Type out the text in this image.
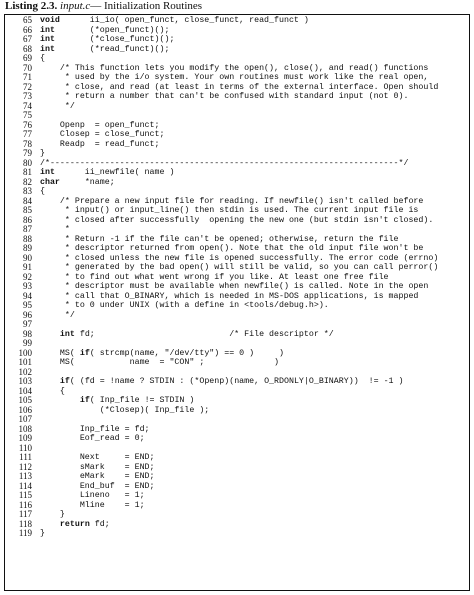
Listing 2.3. input.c— Initialization Routines
65 void      ii_io( open_funct, close_funct, read_funct )
66 int       (*open_funct)();
67 int       (*close_funct)();
68 int       (*read_funct)();
69 {
70 /* This function lets you modify the open(), close(), and read() functions
71 * used by the i/o system. Your own routines must work like the real open,
72 * close, and read (at least in terms of the external interface. Open should
73 * return a number that can't be confused with standard input (not 0).
74 */
75
76 Openp  = open_funct;
77 Closep = close_funct;
78 Readp  = read_funct;
79 }
80 /*----------------------------------------------------------------------*/
81 int      ii_newfile( name )
82 char     *name;
83 {
84 /* Prepare a new input file for reading. If newfile() isn't called before
85 * input() or input_line() then stdin is used. The current input file is
86 * closed after successfully  opening the new one (but stdin isn't closed).
87 *
88 * Return -1 if the file can't be opened; otherwise, return the file
89 * descriptor returned from open(). Note that the old input file won't be
90 * closed unless the new file is opened successfully. The error code (errno)
91 * generated by the bad open() will still be valid, so you can call perror()
92 * to find out what went wrong if you like. At least one free file
93 * descriptor must be available when newfile() is called. Note in the open
94 * call that O_BINARY, which is needed in MS-DOS applications, is mapped
95 * to 0 under UNIX (with a define in <tools/debug.h>).
96 */
97
98	int fd;                           /* File descriptor */
99
100 MS( if( strcmp(name, "/dev/tty") == 0 )     )
101 MS(           name  = "CON" ;              )
102
103	if( (fd = !name ? STDIN : (*Openp)(name, O_RDONLY|O_BINARY))  != -1 )
104 {
105	if( Inp_file != STDIN )
106 (*Closep)( Inp_file );
107
108 Inp_file = fd;
109 Eof_read = 0;
110
111 Next     = END;
112 sMark    = END;
113 eMark    = END;
114 End_buf  = END;
115 Lineno   = 1;
116 Mline    = 1;
117 }
118	return fd;
119 }
